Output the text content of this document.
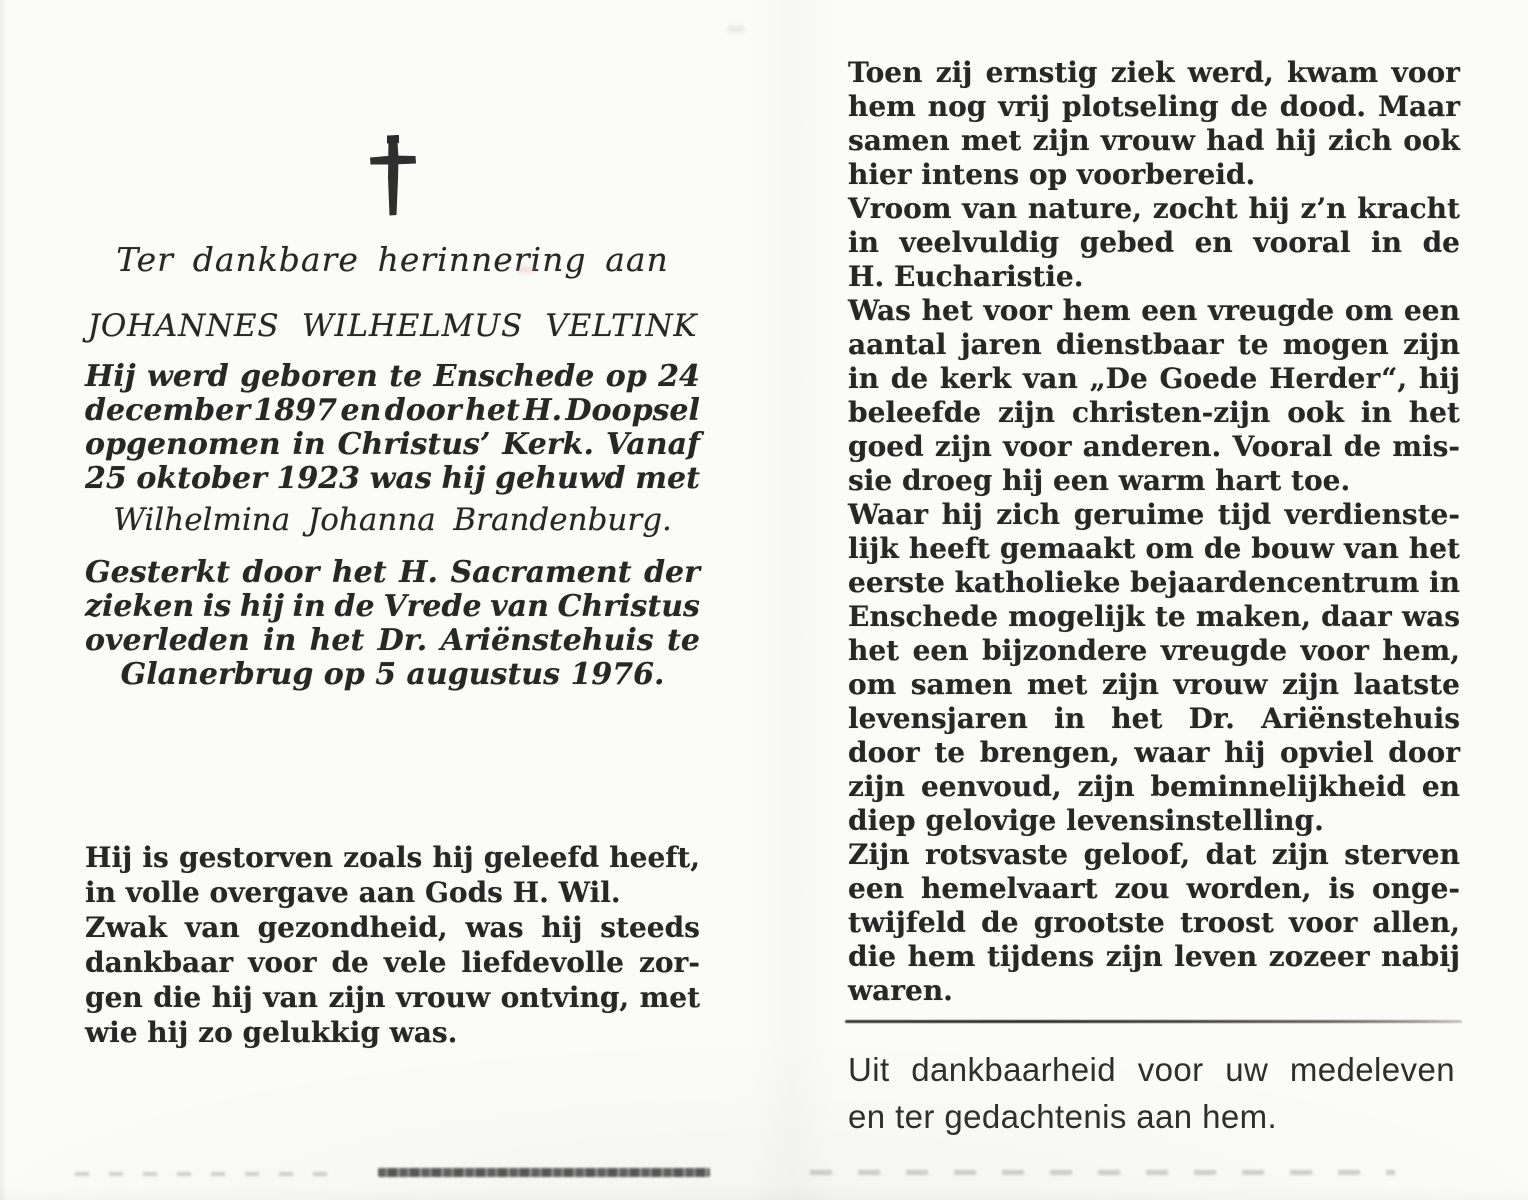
Ter dankbare herinnering aan
JOHANNES WILHELMUS VELTINK
Hij werd geboren te Enschede op 24
december 1897 en door het H. Doopsel
opgenomen in Christus’ Kerk. Vanaf
25 oktober 1923 was hij gehuwd met
Wilhelmina Johanna Brandenburg.
Gesterkt door het H. Sacrament der
zieken is hij in de Vrede van Christus
overleden in het Dr. Ariënstehuis te
Glanerbrug op 5 augustus 1976.
Hij is gestorven zoals hij geleefd heeft,
in volle overgave aan Gods H. Wil.
Zwak van gezondheid, was hij steeds
dankbaar voor de vele liefdevolle zor-
gen die hij van zijn vrouw ontving, met
wie hij zo gelukkig was.
Toen zij ernstig ziek werd, kwam voor
hem nog vrij plotseling de dood. Maar
samen met zijn vrouw had hij zich ook
hier intens op voorbereid.
Vroom van nature, zocht hij z’n kracht
in veelvuldig gebed en vooral in de
H. Eucharistie.
Was het voor hem een vreugde om een
aantal jaren dienstbaar te mogen zijn
in de kerk van „De Goede Herder“, hij
beleefde zijn christen-zijn ook in het
goed zijn voor anderen. Vooral de mis-
sie droeg hij een warm hart toe.
Waar hij zich geruime tijd verdienste-
lijk heeft gemaakt om de bouw van het
eerste katholieke bejaardencentrum in
Enschede mogelijk te maken, daar was
het een bijzondere vreugde voor hem,
om samen met zijn vrouw zijn laatste
levensjaren in het Dr. Ariënstehuis
door te brengen, waar hij opviel door
zijn eenvoud, zijn beminnelijkheid en
diep gelovige levensinstelling.
Zijn rotsvaste geloof, dat zijn sterven
een hemelvaart zou worden, is onge-
twijfeld de grootste troost voor allen,
die hem tijdens zijn leven zozeer nabij
waren.
Uit dankbaarheid voor uw medeleven
en ter gedachtenis aan hem.
